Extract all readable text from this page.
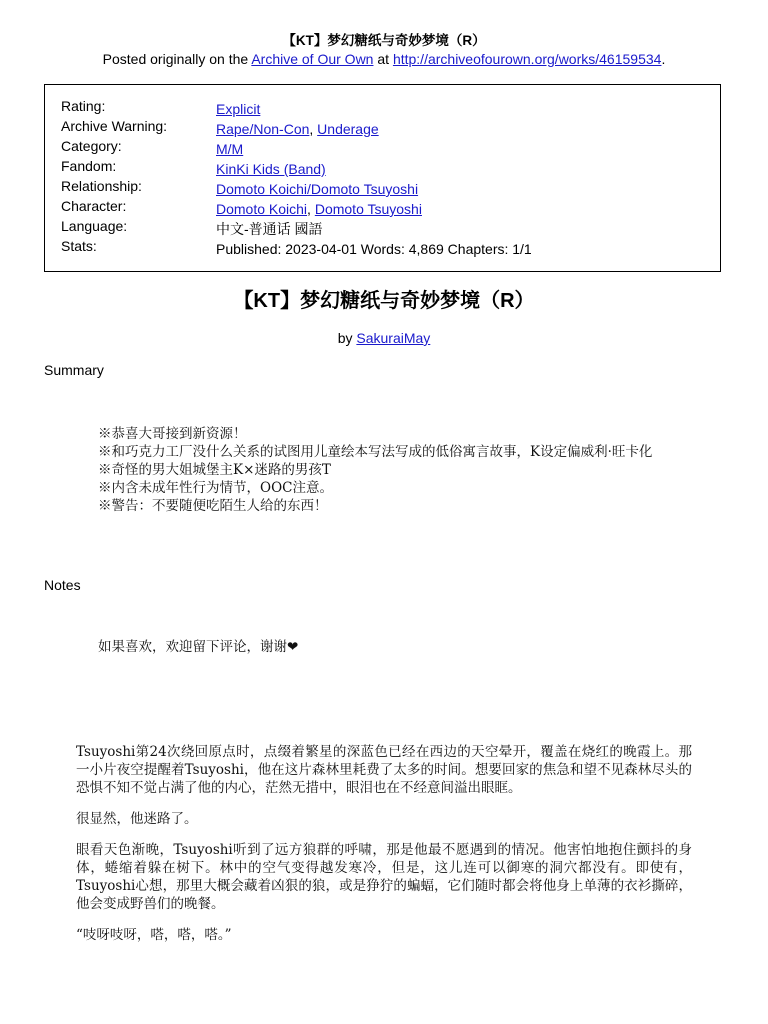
【KT】梦幻糖纸与奇妙梦境（R）
Posted originally on the Archive of Our Own at http://archiveofourown.org/works/46159534.
Rating:	Explicit
Archive Warning:	Rape/Non-Con, Underage
Category:	M/M
Fandom:	KinKi Kids (Band)
Relationship:	Domoto Koichi/Domoto Tsuyoshi
Character:	Domoto Koichi, Domoto Tsuyoshi
Language:	中文-普通话 國語
Stats:	Published: 2023-04-01 Words: 4,869 Chapters: 1/1
【KT】梦幻糖纸与奇妙梦境（R）
by SakuraiMay
Summary

※恭喜大哥接到新资源！

※和巧克力工厂没什么关系的试图用儿童绘本写法写成的低俗寓言故事，K设定偏威利·旺卡化

※奇怪的男大姐城堡主K×迷路的男孩T

※内含未成年性行为情节，OOC注意。

※警告：不要随便吃陌生人给的东西！

Notes

如果喜欢，欢迎留下评论，谢谢❤

Tsuyoshi第24次绕回原点时，点缀着繁星的深蓝色已经在西边的天空晕开，覆盖在烧红的晚霞上。那一小片夜空提醒着Tsuyoshi，他在这片森林里耗费了太多的时间。想要回家的焦急和望不见森林尽头的恐惧不知不觉占满了他的内心，茫然无措中，眼泪也在不经意间溢出眼眶。

很显然，他迷路了。

眼看天色渐晚，Tsuyoshi听到了远方狼群的呼啸，那是他最不愿遇到的情况。他害怕地抱住颤抖的身体，蜷缩着躲在树下。林中的空气变得越发寒冷，但是，这儿连可以御寒的洞穴都没有。即使有，Tsuyoshi心想，那里大概会藏着凶狠的狼，或是狰狞的蝙蝠，它们随时都会将他身上单薄的衣衫撕碎，他会变成野兽们的晚餐。

“吱呀吱呀，嗒，嗒，嗒。”
